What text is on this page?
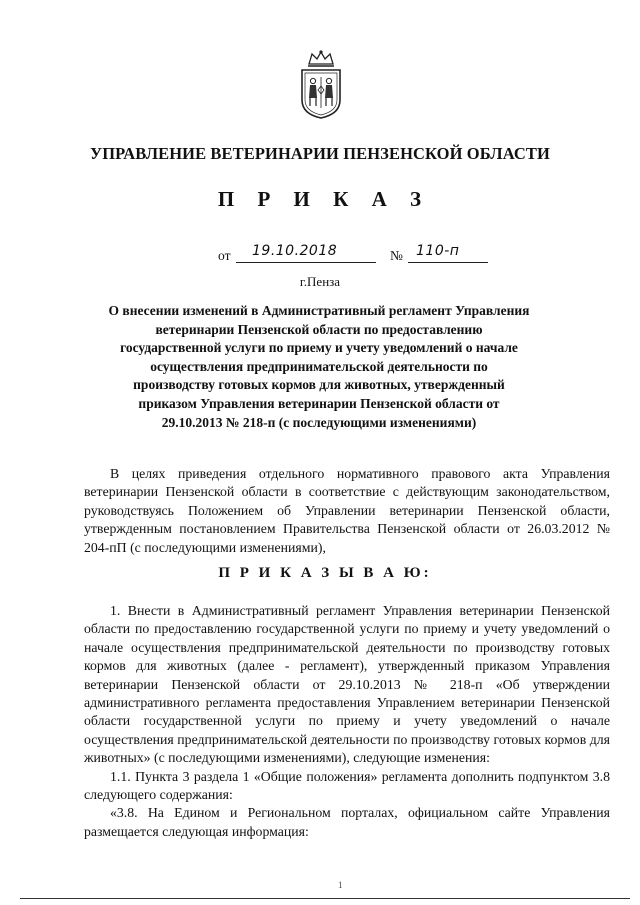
УПРАВЛЕНИЕ ВЕТЕРИНАРИИ ПЕНЗЕНСКОЙ ОБЛАСТИ
П Р И К А З
от 19.10.2018	№ 110-п
г.Пенза
О внесении изменений в Административный регламент Управления ветеринарии Пензенской области по предоставлению государственной услуги по приему и учету уведомлений о начале осуществления предпринимательской деятельности по производству готовых кормов для животных, утвержденный приказом Управления ветеринарии Пензенской области от 29.10.2013 № 218-п (с последующими изменениями)

В целях приведения отдельного нормативного правового акта Управления ветеринарии Пензенской области в соответствие с действующим законодательством, руководствуясь Положением об Управлении ветеринарии Пензенской области, утвержденным постановлением Правительства Пензенской области от 26.03.2012 № 204-пП (с последующими изменениями),

П Р И К А З Ы В А Ю:

1. Внести в Административный регламент Управления ветеринарии Пензенской области по предоставлению государственной услуги по приему и учету уведомлений о начале осуществления предпринимательской деятельности по производству готовых кормов для животных (далее - регламент), утвержденный приказом Управления ветеринарии Пензенской области от 29.10.2013 № 218-п «Об утверждении административного регламента предоставления Управлением ветеринарии Пензенской области государственной услуги по приему и учету уведомлений о начале осуществления предпринимательской деятельности по производству готовых кормов для животных» (с последующими изменениями), следующие изменения:

1.1. Пункта 3 раздела 1 «Общие положения» регламента дополнить подпунктом 3.8 следующего содержания:

«3.8. На Едином и Региональном порталах, официальном сайте Управления размещается следующая информация:

1
